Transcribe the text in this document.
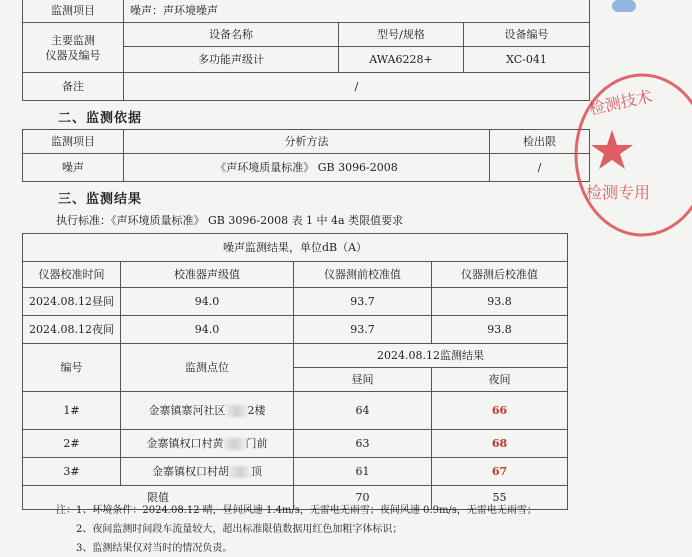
监测项目	噪声：声环境噪声		
主要监测
仪器及编号	设备名称	型号/规格	设备编号
	多功能声级计	AWA6228+	XC-041
备注	/		
二、监测依据
监测项目	分析方法	检出限
噪声	《声环境质量标准》 GB 3096-2008	/
三、监测结果
执行标准：《声环境质量标准》 GB 3096-2008 表 1 中 4a 类限值要求
噪声监测结果，单位dB（A）			
仪器校准时间	校准器声级值	仪器测前校准值	仪器测后校准值
2024.08.12昼间	94.0	93.7	93.8
2024.08.12夜间	94.0	93.7	93.8
编号	监测点位	2024.08.12监测结果	
		昼间	夜间
1#	金寨镇寨河社区 2楼	64	66
2#	金寨镇权口村黄 门前	63	68
3#	金寨镇权口村胡 顶	61	67
限值		70	55
注：1、环境条件：2024.08.12 晴，昼间风速 1.4m/s，无雷电无雨雪；夜间风速 0.9m/s，无雷电无雨雪；
2、夜间监测时间段车流量较大，超出标准限值数据用红色加粗字体标识；
3、监测结果仅对当时的情况负责。
检测技术
检测专用
